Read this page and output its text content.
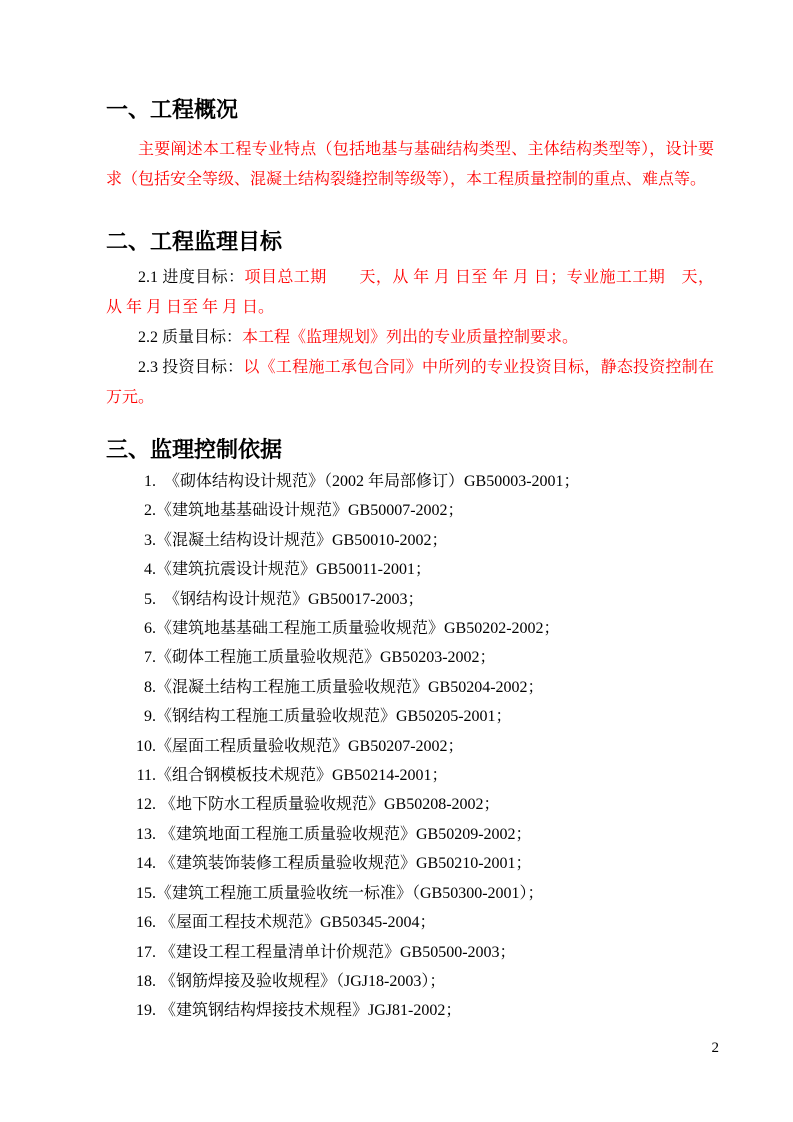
一、工程概况

主要阐述本工程专业特点（包括地基与基础结构类型、主体结构类型等），设计要求（包括安全等级、混凝土结构裂缝控制等级等），本工程质量控制的重点、难点等。

二、工程监理目标

2.1 进度目标：项目总工期　　天，从 年 月 日至 年 月 日；专业施工工期　天，从 年 月 日至 年 月 日。

2.2 质量目标：本工程《监理规划》列出的专业质量控制要求。

2.3 投资目标：以《工程施工承包合同》中所列的专业投资目标，静态投资控制在 万元。

三、监理控制依据
1.　《砌体结构设计规范》（2002 年局部修订）GB50003-2001；
2.《建筑地基基础设计规范》GB50007-2002；
3.《混凝土结构设计规范》GB50010-2002；
4.《建筑抗震设计规范》GB50011-2001；
5.　《钢结构设计规范》GB50017-2003；
6.《建筑地基基础工程施工质量验收规范》GB50202-2002；
7.《砌体工程施工质量验收规范》GB50203-2002；
8.《混凝土结构工程施工质量验收规范》GB50204-2002；
9.《钢结构工程施工质量验收规范》GB50205-2001；
10.《屋面工程质量验收规范》GB50207-2002；
11.《组合钢模板技术规范》GB50214-2001；
12. 《地下防水工程质量验收规范》GB50208-2002；
13. 《建筑地面工程施工质量验收规范》GB50209-2002；
14. 《建筑装饰装修工程质量验收规范》GB50210-2001；
15.《建筑工程施工质量验收统一标准》（GB50300-2001）；
16. 《屋面工程技术规范》GB50345-2004；
17. 《建设工程工程量清单计价规范》GB50500-2003；
18. 《钢筋焊接及验收规程》（JGJ18-2003）；
19. 《建筑钢结构焊接技术规程》JGJ81-2002；
2
